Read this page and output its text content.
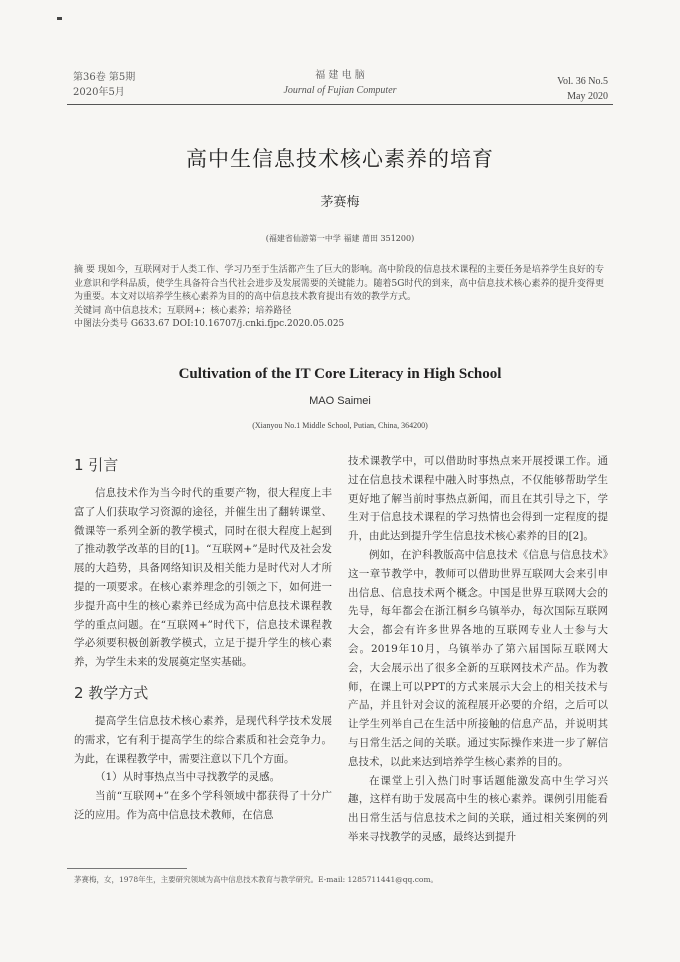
第36卷 第5期
2020年5月
福 建 电 脑
Journal of Fujian Computer
Vol. 36 No.5
May 2020
高中生信息技术核心素养的培育
茅赛梅
(福建省仙游第一中学 福建 莆田 351200)

摘 要 现如今，互联网对于人类工作、学习乃至于生活都产生了巨大的影响。高中阶段的信息技术课程的主要任务是培养学生良好的专业意识和学科品质，使学生具备符合当代社会进步及发展需要的关键能力。随着5G时代的到来，高中信息技术核心素养的提升变得更为重要。本文对以培养学生核心素养为目的的高中信息技术教育提出有效的教学方式。

关键词 高中信息技术；互联网+；核心素养；培养路径

中图法分类号 G633.67 DOI:10.16707/j.cnki.fjpc.2020.05.025

Cultivation of the IT Core Literacy in High School
MAO Saimei
(Xianyou No.1 Middle School, Putian, China, 364200)
1 引言

信息技术作为当今时代的重要产物，很大程度上丰富了人们获取学习资源的途径，并催生出了翻转课堂、微课等一系列全新的教学模式，同时在很大程度上起到了推动教学改革的目的[1]。“互联网+”是时代及社会发展的大趋势，具备网络知识及相关能力是时代对人才所提的一项要求。在核心素养理念的引领之下，如何进一步提升高中生的核心素养已经成为高中信息技术课程教学的重点问题。在“互联网+”时代下，信息技术课程教学必须要积极创新教学模式，立足于提升学生的核心素养，为学生未来的发展奠定坚实基础。

2 教学方式

提高学生信息技术核心素养，是现代科学技术发展的需求，它有利于提高学生的综合素质和社会竞争力。为此，在课程教学中，需要注意以下几个方面。

（1）从时事热点当中寻找教学的灵感。

当前“互联网+”在多个学科领域中都获得了十分广泛的应用。作为高中信息技术教师，在信息

技术课教学中，可以借助时事热点来开展授课工作。通过在信息技术课程中融入时事热点，不仅能够帮助学生更好地了解当前时事热点新闻，而且在其引导之下，学生对于信息技术课程的学习热情也会得到一定程度的提升，由此达到提升学生信息技术核心素养的目的[2]。

例如，在沪科教版高中信息技术《信息与信息技术》这一章节教学中，教师可以借助世界互联网大会来引申出信息、信息技术两个概念。中国是世界互联网大会的先导，每年都会在浙江桐乡乌镇举办，每次国际互联网大会，都会有许多世界各地的互联网专业人士参与大会。2019年10月，乌镇举办了第六届国际互联网大会，大会展示出了很多全新的互联网技术产品。作为教师，在课上可以PPT的方式来展示大会上的相关技术与产品，并且针对会议的流程展开必要的介绍，之后可以让学生列举自己在生活中所接触的信息产品，并说明其与日常生活之间的关联。通过实际操作来进一步了解信息技术，以此来达到培养学生核心素养的目的。

在课堂上引入热门时事话题能激发高中生学习兴趣，这样有助于发展高中生的核心素养。课例引用能看出日常生活与信息技术之间的关联，通过相关案例的列举来寻找教学的灵感，最终达到提升

茅赛梅，女，1978年生，主要研究领域为高中信息技术教育与教学研究。E-mail: 1285711441@qq.com。
